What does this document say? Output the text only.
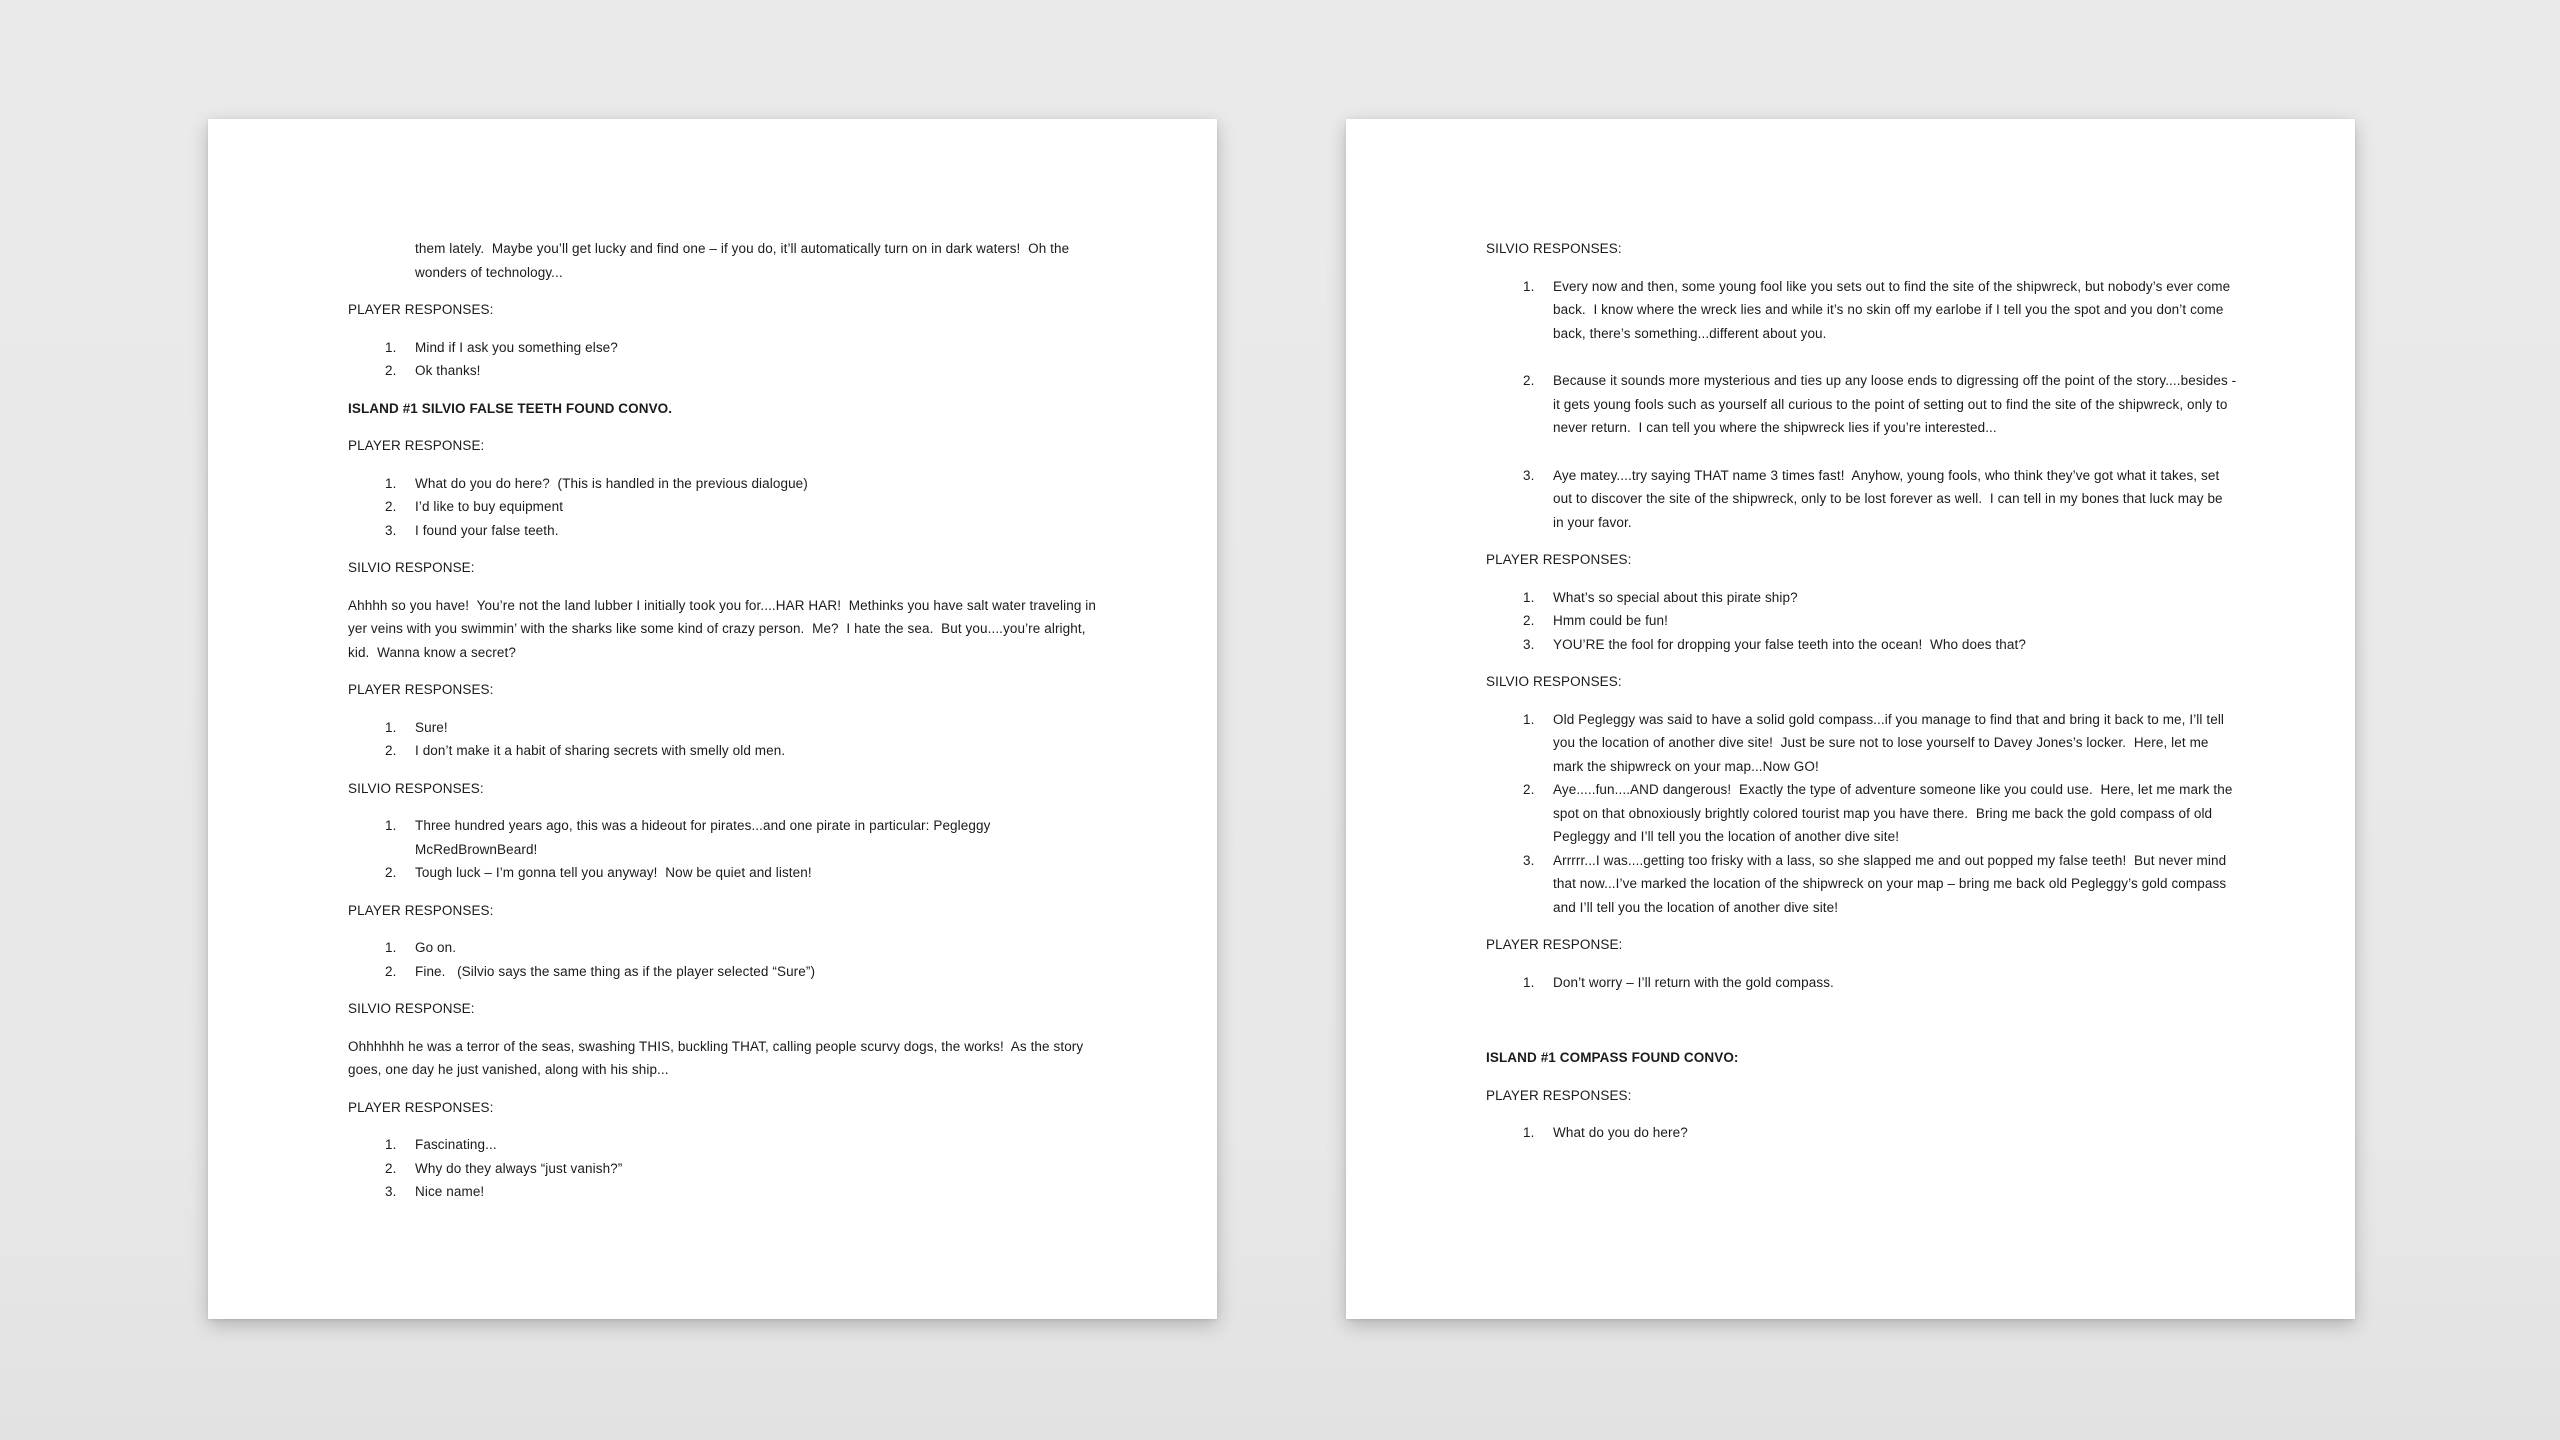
them lately.  Maybe you’ll get lucky and find one – if you do, it’ll automatically turn on in dark waters!  Oh the wonders of technology...
PLAYER RESPONSES:
Mind if I ask you something else?
Ok thanks!
ISLAND #1 SILVIO FALSE TEETH FOUND CONVO.
PLAYER RESPONSE:
What do you do here?  (This is handled in the previous dialogue)
I’d like to buy equipment
I found your false teeth.
SILVIO RESPONSE:
Ahhhh so you have!  You’re not the land lubber I initially took you for....HAR HAR!  Methinks you have salt water traveling in yer veins with you swimmin’ with the sharks like some kind of crazy person.  Me?  I hate the sea.  But you....you’re alright, kid.  Wanna know a secret?
PLAYER RESPONSES:
Sure!
I don’t make it a habit of sharing secrets with smelly old men.
SILVIO RESPONSES:
Three hundred years ago, this was a hideout for pirates...and one pirate in particular: Pegleggy McRedBrownBeard!
Tough luck – I’m gonna tell you anyway!  Now be quiet and listen!
PLAYER RESPONSES:
Go on.
Fine.   (Silvio says the same thing as if the player selected “Sure”)
SILVIO RESPONSE:
Ohhhhhh he was a terror of the seas, swashing THIS, buckling THAT, calling people scurvy dogs, the works!  As the story goes, one day he just vanished, along with his ship...
PLAYER RESPONSES:
Fascinating...
Why do they always “just vanish?”
Nice name!
SILVIO RESPONSES:
Every now and then, some young fool like you sets out to find the site of the shipwreck, but nobody’s ever come back.  I know where the wreck lies and while it’s no skin off my earlobe if I tell you the spot and you don’t come back, there’s something...different about you.
Because it sounds more mysterious and ties up any loose ends to digressing off the point of the story....besides - it gets young fools such as yourself all curious to the point of setting out to find the site of the shipwreck, only to never return.  I can tell you where the shipwreck lies if you’re interested...
Aye matey....try saying THAT name 3 times fast!  Anyhow, young fools, who think they’ve got what it takes, set out to discover the site of the shipwreck, only to be lost forever as well.  I can tell in my bones that luck may be in your favor.
PLAYER RESPONSES:
What’s so special about this pirate ship?
Hmm could be fun!
YOU’RE the fool for dropping your false teeth into the ocean!  Who does that?
SILVIO RESPONSES:
Old Pegleggy was said to have a solid gold compass...if you manage to find that and bring it back to me, I’ll tell you the location of another dive site!  Just be sure not to lose yourself to Davey Jones’s locker.  Here, let me mark the shipwreck on your map...Now GO!
Aye.....fun....AND dangerous!  Exactly the type of adventure someone like you could use.  Here, let me mark the spot on that obnoxiously brightly colored tourist map you have there.  Bring me back the gold compass of old Pegleggy and I’ll tell you the location of another dive site!
Arrrrr...I was....getting too frisky with a lass, so she slapped me and out popped my false teeth!  But never mind that now...I’ve marked the location of the shipwreck on your map – bring me back old Pegleggy’s gold compass and I’ll tell you the location of another dive site!
PLAYER RESPONSE:
Don’t worry – I’ll return with the gold compass.
ISLAND #1 COMPASS FOUND CONVO:
PLAYER RESPONSES:
What do you do here?
